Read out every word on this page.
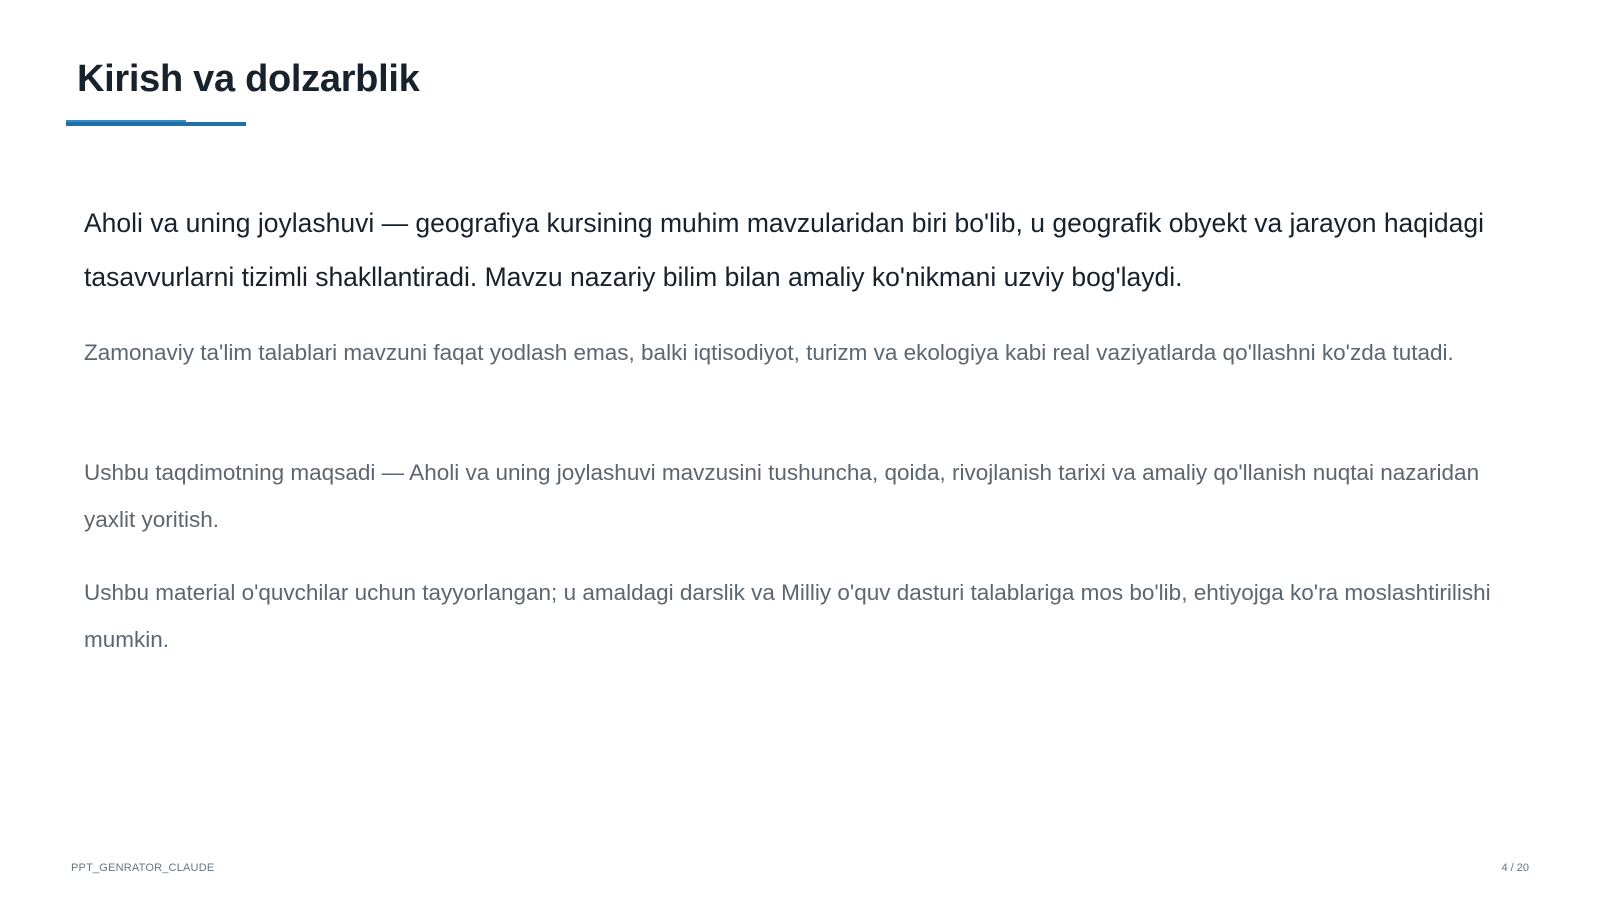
Kirish va dolzarblik

Aholi va uning joylashuvi — geografiya kursining muhim mavzularidan biri bo'lib, u geografik obyekt va jarayon haqidagi tasavvurlarni tizimli shakllantiradi. Mavzu nazariy bilim bilan amaliy ko'nikmani uzviy bog'laydi.

Zamonaviy ta'lim talablari mavzuni faqat yodlash emas, balki iqtisodiyot, turizm va ekologiya kabi real vaziyatlarda qo'llashni ko'zda tutadi.

Ushbu taqdimotning maqsadi — Aholi va uning joylashuvi mavzusini tushuncha, qoida, rivojlanish tarixi va amaliy qo'llanish nuqtai nazaridan yaxlit yoritish.

Ushbu material o'quvchilar uchun tayyorlangan; u amaldagi darslik va Milliy o'quv dasturi talablariga mos bo'lib, ehtiyojga ko'ra moslashtirilishi mumkin.

PPT_GENRATOR_CLAUDE	4 / 20
